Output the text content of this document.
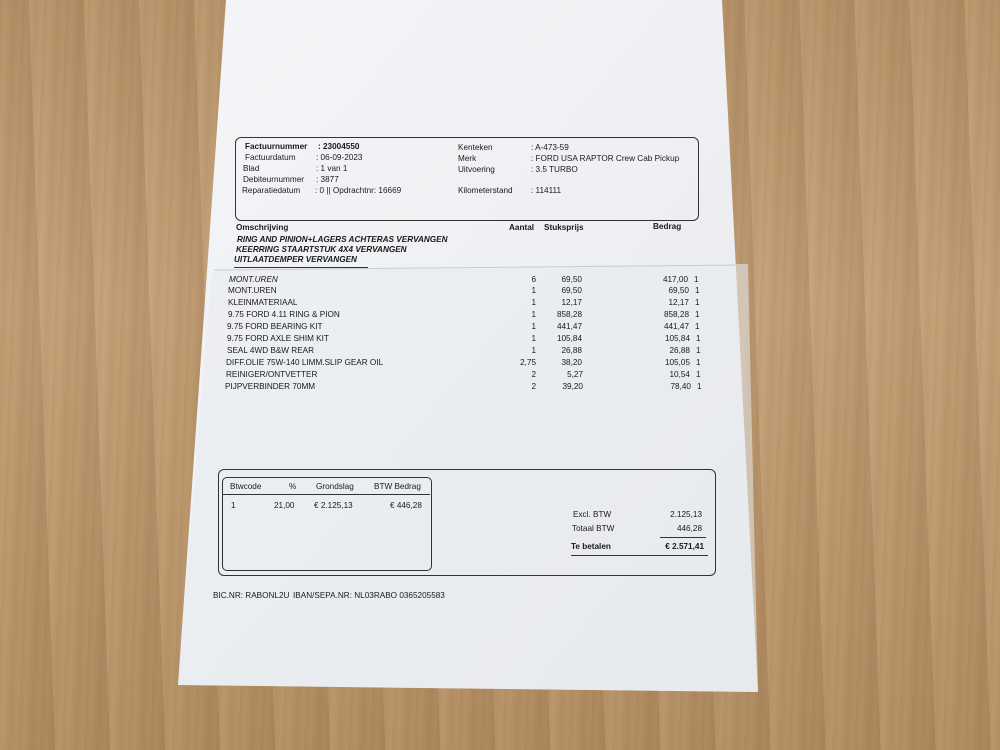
Factuurnummer : 23004550
Factuurdatum : 06-09-2023
Blad	: 1 van 1
Debiteurnummer : 3877
Reparatiedatum : 0 || Opdrachtnr: 16669
Kenteken	: A-473-59
Merk	: FORD USA RAPTOR Crew Cab Pickup
Uitvoering	: 3.5 TURBO
Kilometerstand : 114111
Omschrijving	Aantal Stuksprijs	Bedrag
RING AND PINION+LAGERS ACHTERAS VERVANGEN
KEERRING STAARTSTUK 4X4 VERVANGEN
UITLAATDEMPER VERVANGEN
MONT.UREN	6	69,50	417,00 1
MONT.UREN	1	69,50	69,50 1
KLEINMATERIAAL	1	12,17	12,17 1
9.75 FORD 4.11 RING & PION	1	858,28	858,28 1
9.75 FORD BEARING KIT	1	441,47	441,47 1
9.75 FORD AXLE SHIM KIT	1	105,84	105,84 1
SEAL 4WD B&W REAR	1	26,88	26,88 1
DIFF.OLIE 75W-140 LIMM.SLIP GEAR OIL	2,75	38,20	105,05 1
REINIGER/ONTVETTER	2	5,27	10,54 1
PIJPVERBINDER 70MM	2	39,20	78,40 1
Btwcode	% Grondslag BTW Bedrag
1	21,00 € 2.125,13	€ 446,28
Excl. BTW	2.125,13
Totaal BTW	446,28
Te betalen	€ 2.571,41
BIC.NR: RABONL2U IBAN/SEPA.NR: NL03RABO 0365205583
